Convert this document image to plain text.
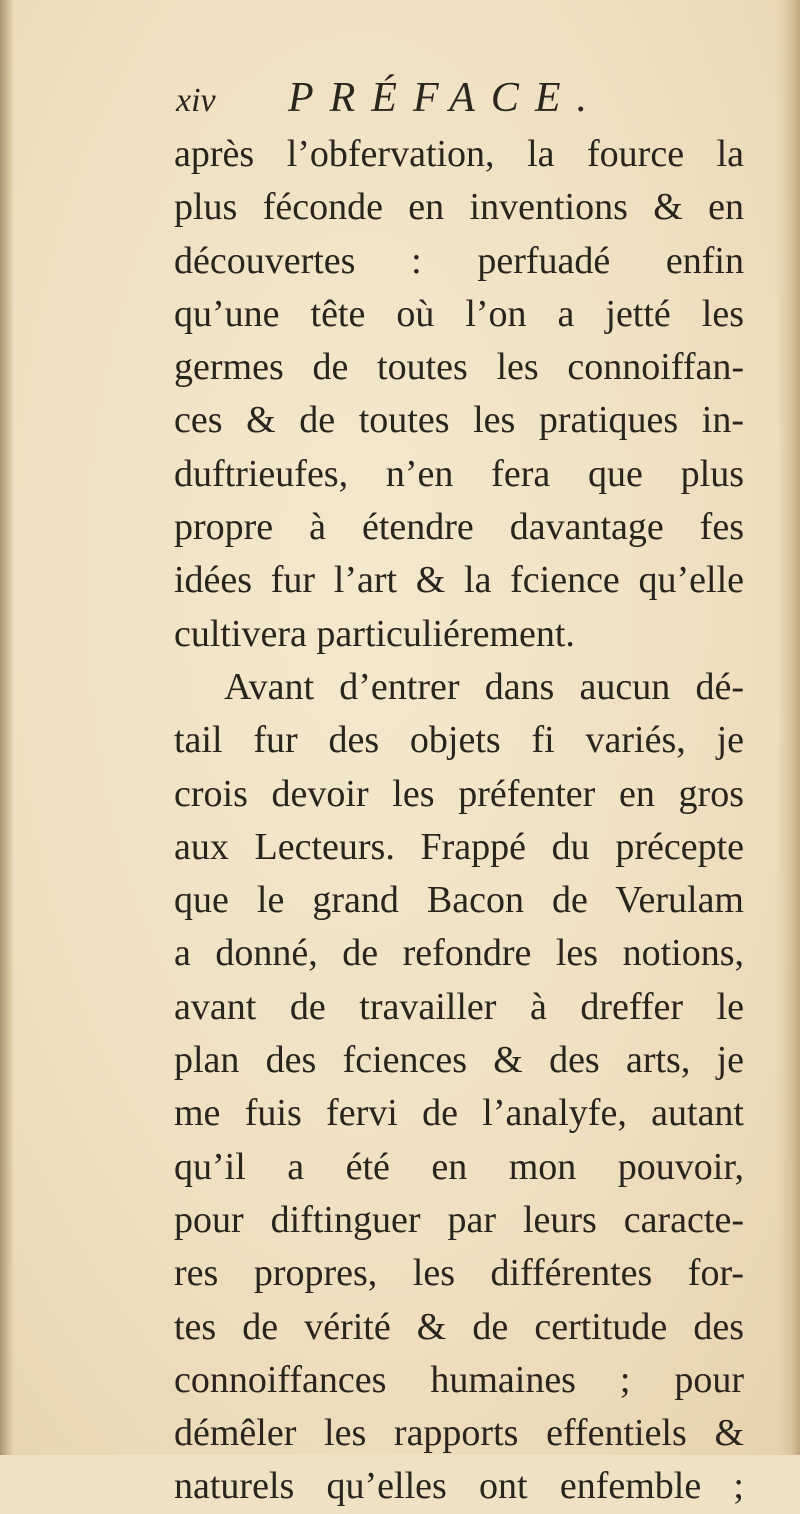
xiv PRÉFACE.
après l’obfervation, la fource la
plus féconde en inventions & en
découvertes : perfuadé enfin
qu’une tête où l’on a jetté les
germes de toutes les connoiffan-
ces & de toutes les pratiques in-
duftrieufes, n’en fera que plus
propre à étendre davantage fes
idées fur l’art & la fcience qu’elle
cultivera particuliérement.
Avant d’entrer dans aucun dé-
tail fur des objets fi variés, je
crois devoir les préfenter en gros
aux Lecteurs. Frappé du précepte
que le grand Bacon de Verulam
a donné, de refondre les notions,
avant de travailler à dreffer le
plan des fciences & des arts, je
me fuis fervi de l’analyfe, autant
qu’il a été en mon pouvoir,
pour diftinguer par leurs caracte-
res propres, les différentes for-
tes de vérité & de certitude des
connoiffances humaines ; pour
démêler les rapports effentiels &
naturels qu’elles ont enfemble ;
